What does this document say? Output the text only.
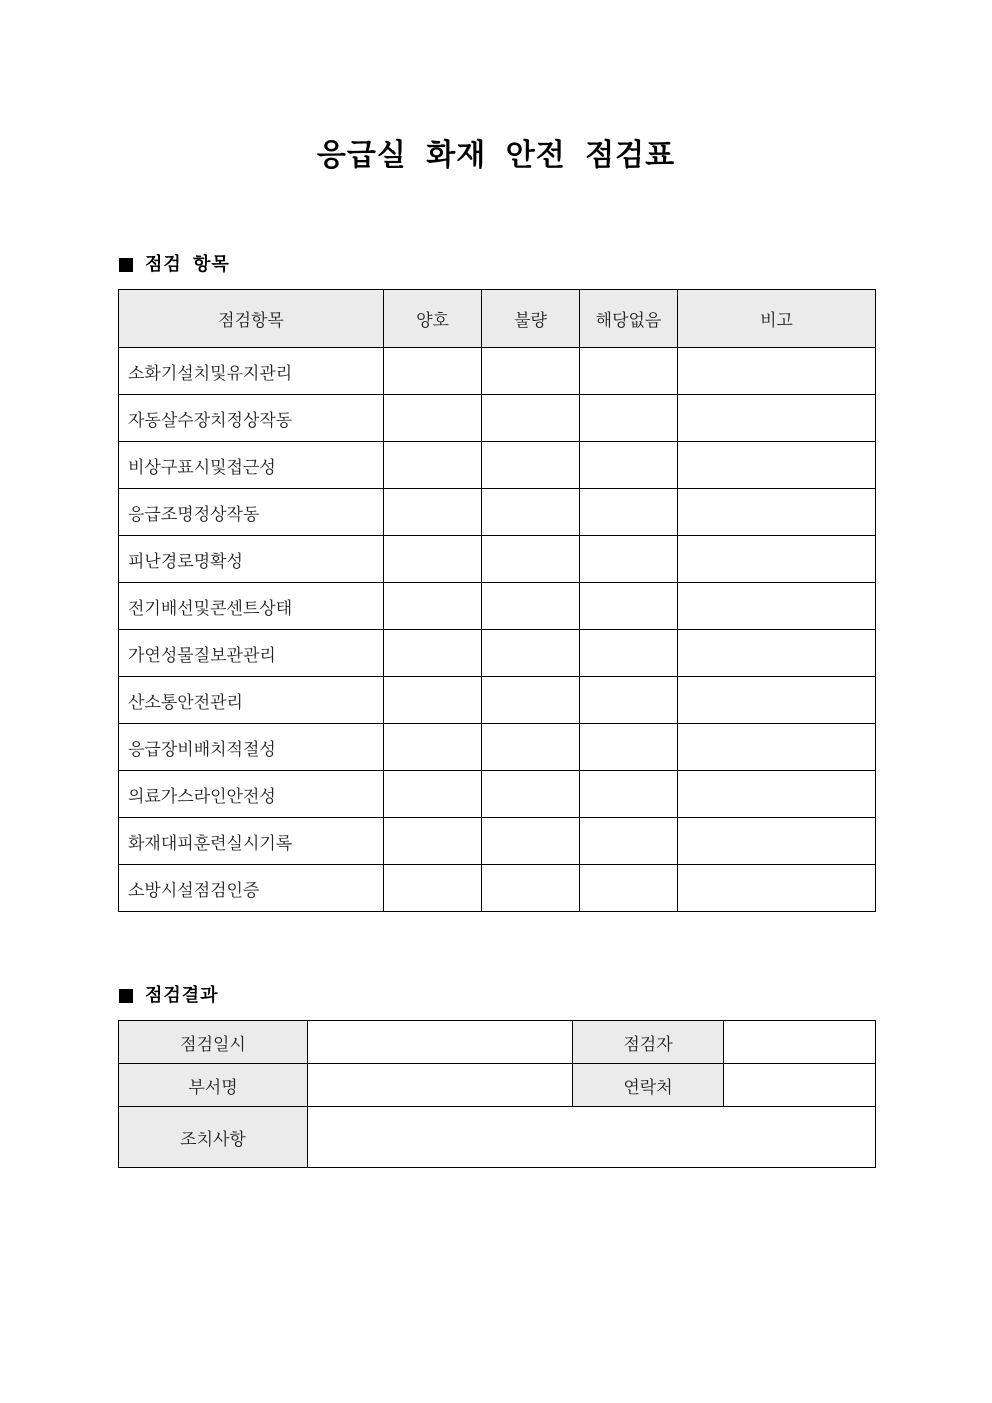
응급실 화재 안전 점검표
점검 항목
점검항목	양호	불량	해당없음	비고
소화기설치및유지관리				
자동살수장치정상작동				
비상구표시및접근성				
응급조명정상작동				
피난경로명확성				
전기배선및콘센트상태				
가연성물질보관관리				
산소통안전관리				
응급장비배치적절성				
의료가스라인안전성				
화재대피훈련실시기록				
소방시설점검인증				
점검결과
점검일시		점검자	
부서명		연락처	
조치사항			
